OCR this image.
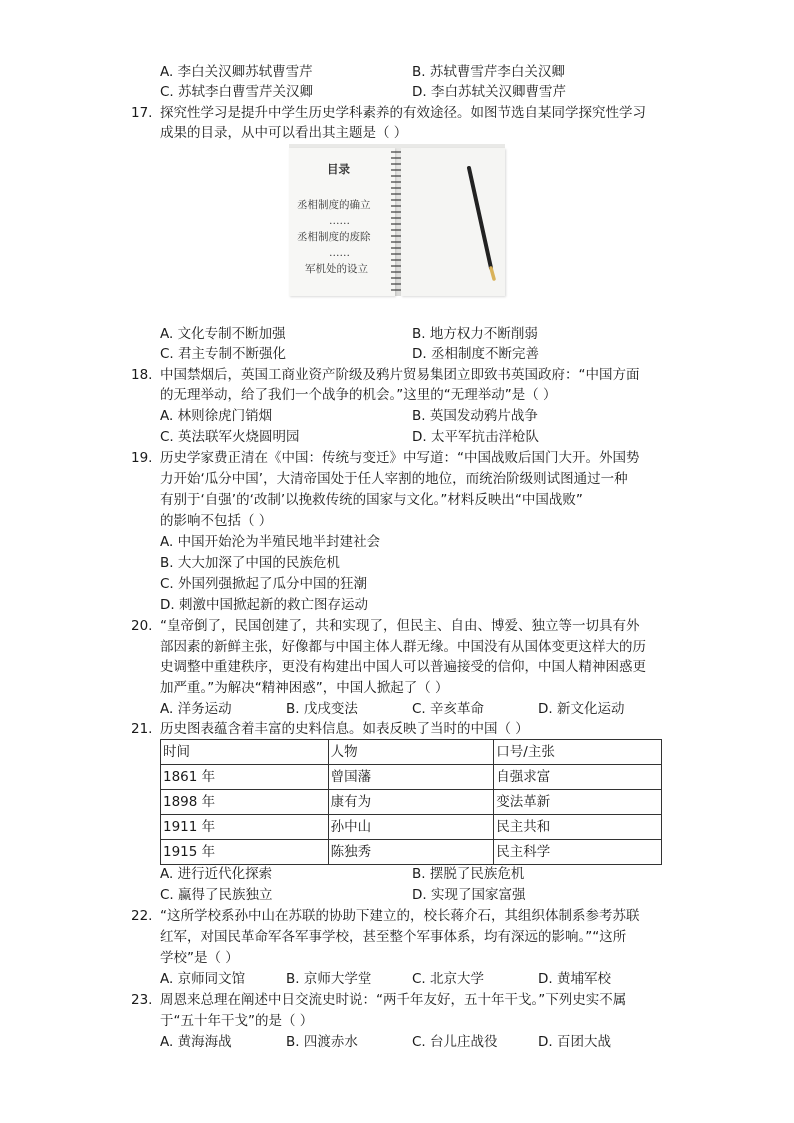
A. 李白关汉卿苏轼曹雪芹	B. 苏轼曹雪芹李白关汉卿
C. 苏轼李白曹雪芹关汉卿	D. 李白苏轼关汉卿曹雪芹
17. 探究性学习是提升中学生历史学科素养的有效途径。如图节选自某同学探究性学习
成果的目录，从中可以看出其主题是（ ）
目录
丞相制度的确立
……
丞相制度的废除
……
军机处的设立
A. 文化专制不断加强	B. 地方权力不断削弱
C. 君主专制不断强化	D. 丞相制度不断完善
18. 中国禁烟后，英国工商业资产阶级及鸦片贸易集团立即致书英国政府：“中国方面
的无理举动，给了我们一个战争的机会。”这里的“无理举动”是（ ）
A. 林则徐虎门销烟	B. 英国发动鸦片战争
C. 英法联军火烧圆明园	D. 太平军抗击洋枪队
19. 历史学家费正清在《中国：传统与变迁》中写道：“中国战败后国门大开。外国势
力开始‘瓜分中国’，大清帝国处于任人宰割的地位，而统治阶级则试图通过一种
有别于‘自强’的‘改制’以挽救传统的国家与文化。”材料反映出“中国战败”
的影响不包括（ ）
A. 中国开始沦为半殖民地半封建社会
B. 大大加深了中国的民族危机
C. 外国列强掀起了瓜分中国的狂潮
D. 刺激中国掀起新的救亡图存运动
20. “皇帝倒了，民国创建了，共和实现了，但民主、自由、博爱、独立等一切具有外
部因素的新鲜主张，好像都与中国主体人群无缘。中国没有从国体变更这样大的历
史调整中重建秩序，更没有构建出中国人可以普遍接受的信仰，中国人精神困惑更
加严重。”为解决“精神困惑”，中国人掀起了（ ）
A. 洋务运动	B. 戊戌变法	C. 辛亥革命	D. 新文化运动
21. 历史图表蕴含着丰富的史料信息。如表反映了当时的中国（ ）
时间	人物	口号/主张
1861 年	曾国藩	自强求富
1898 年	康有为	变法革新
1911 年	孙中山	民主共和
1915 年	陈独秀	民主科学
A. 进行近代化探索	B. 摆脱了民族危机
C. 赢得了民族独立	D. 实现了国家富强
22. “这所学校系孙中山在苏联的协助下建立的，校长蒋介石，其组织体制系参考苏联
红军，对国民革命军各军事学校，甚至整个军事体系，均有深远的影响。”“这所
学校”是（ ）
A. 京师同文馆	B. 京师大学堂	C. 北京大学	D. 黄埔军校
23. 周恩来总理在阐述中日交流史时说：“两千年友好，五十年干戈。”下列史实不属
于“五十年干戈”的是（ ）
A. 黄海海战	B. 四渡赤水	C. 台儿庄战役	D. 百团大战
